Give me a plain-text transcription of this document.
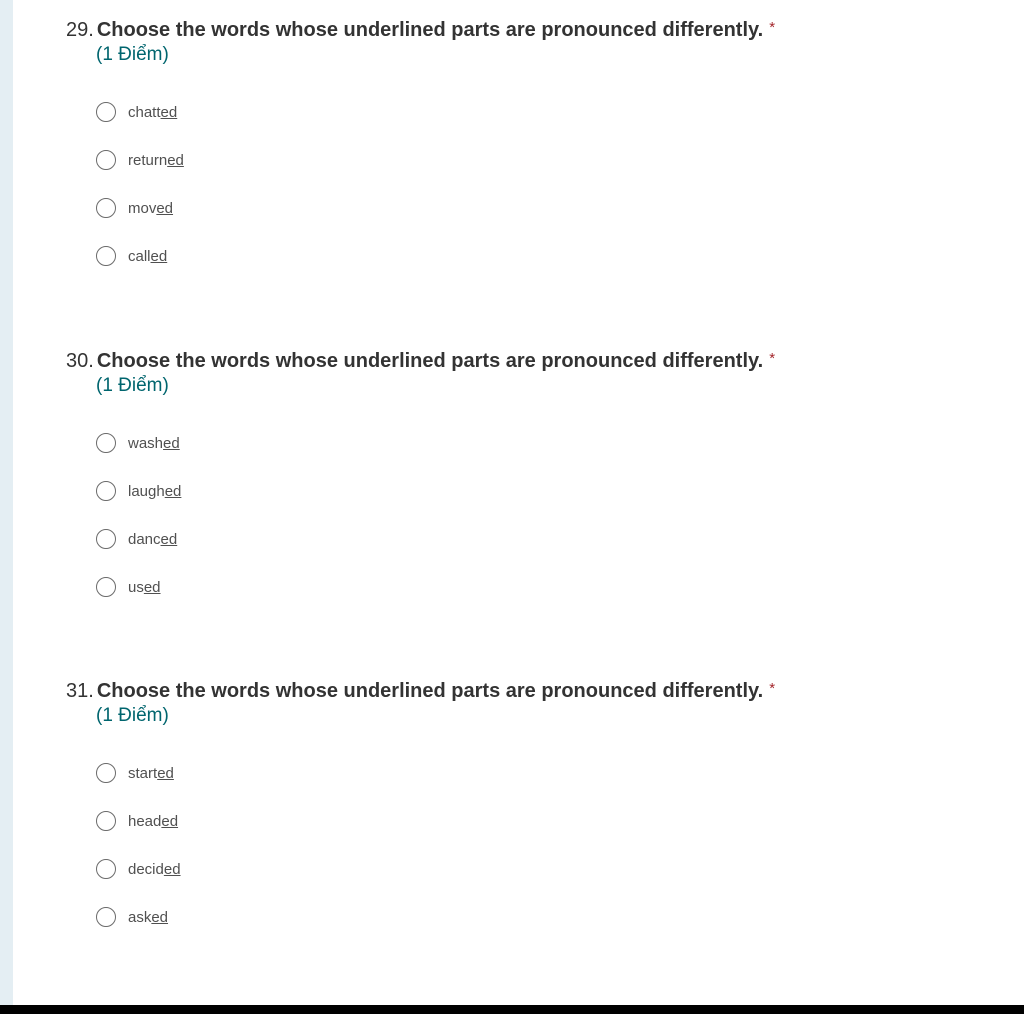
29. Choose the words whose underlined parts are pronounced differently. *
(1 Điểm)
chatted
returned
moved
called
30. Choose the words whose underlined parts are pronounced differently. *
(1 Điểm)
washed
laughed
danced
used
31. Choose the words whose underlined parts are pronounced differently. *
(1 Điểm)
started
headed
decided
asked
